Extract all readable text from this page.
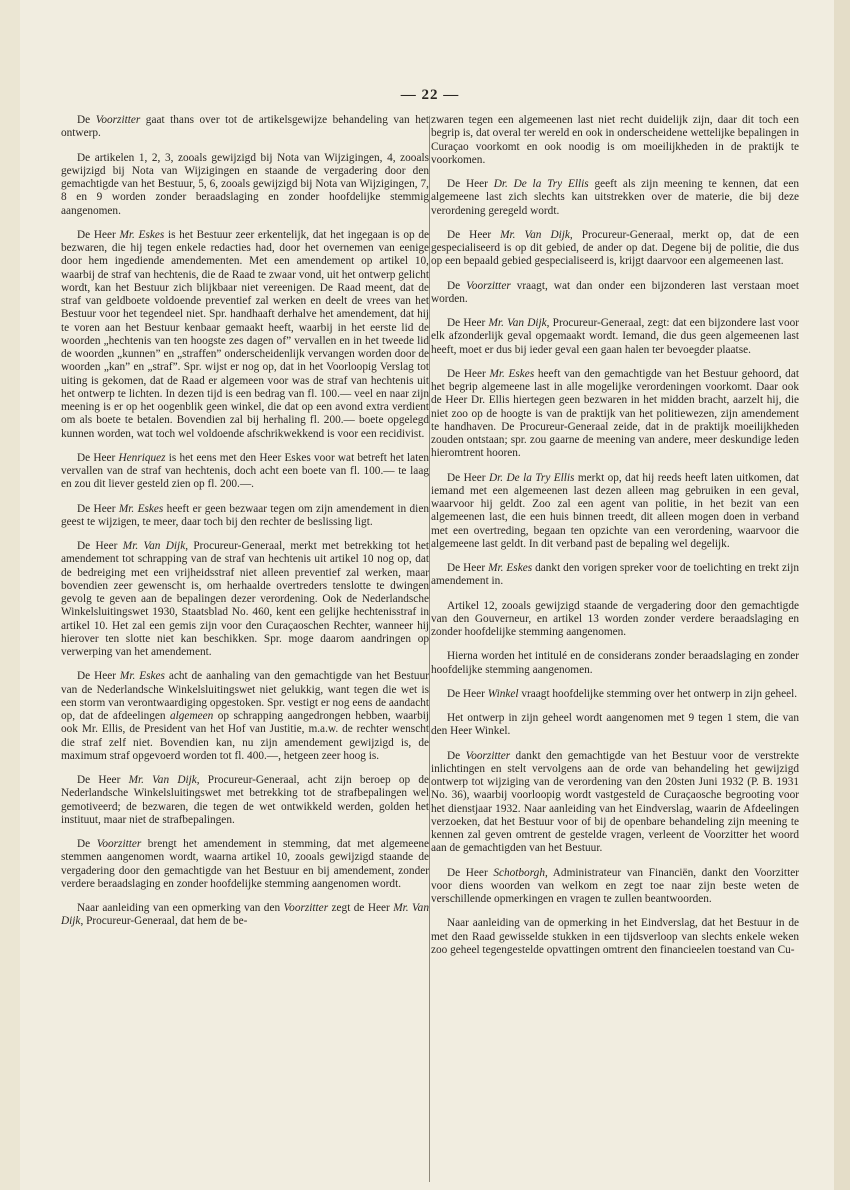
— 22 —

De Voorzitter gaat thans over tot de artikelsgewijze behandeling van het ontwerp.

De artikelen 1, 2, 3, zooals gewijzigd bij Nota van Wijzigingen, 4, zooals gewijzigd bij Nota van Wijzigingen en staande de vergadering door den gemachtigde van het Bestuur, 5, 6, zooals gewijzigd bij Nota van Wijzigingen, 7, 8 en 9 worden zonder beraadslaging en zonder hoofdelijke stemmig aangenomen.

De Heer Mr. Eskes is het Bestuur zeer erkentelijk, dat het ingegaan is op de bezwaren, die hij tegen enkele redacties had, door het overnemen van eenige door hem ingediende amendementen. Met een amendement op artikel 10, waarbij de straf van hechtenis, die de Raad te zwaar vond, uit het ontwerp gelicht wordt, kan het Bestuur zich blijkbaar niet vereenigen. De Raad meent, dat de straf van geldboete voldoende preventief zal werken en deelt de vrees van het Bestuur voor het tegendeel niet. Spr. handhaaft derhalve het amendement, dat hij te voren aan het Bestuur kenbaar gemaakt heeft, waarbij in het eerste lid de woorden „hechtenis van ten hoogste zes dagen of” vervallen en in het tweede lid de woorden „kunnen” en „straffen” onderscheidenlijk vervangen worden door de woorden „kan” en „straf”. Spr. wijst er nog op, dat in het Voorloopig Verslag tot uiting is gekomen, dat de Raad er algemeen voor was de straf van hechtenis uit het ontwerp te lichten. In dezen tijd is een bedrag van fl. 100.— veel en naar zijn meening is er op het oogenblik geen winkel, die dat op een avond extra verdient om als boete te betalen. Bovendien zal bij herhaling fl. 200.— boete opgelegd kunnen worden, wat toch wel voldoende afschrikwekkend is voor een recidivist.

De Heer Henriquez is het eens met den Heer Eskes voor wat betreft het laten vervallen van de straf van hechtenis, doch acht een boete van fl. 100.— te laag en zou dit liever gesteld zien op fl. 200.—.

De Heer Mr. Eskes heeft er geen bezwaar tegen om zijn amendement in dien geest te wijzigen, te meer, daar toch bij den rechter de beslissing ligt.

De Heer Mr. Van Dijk, Procureur-Generaal, merkt met betrekking tot het amendement tot schrapping van de straf van hechtenis uit artikel 10 nog op, dat de bedreiging met een vrijheidsstraf niet alleen preventief zal werken, maar bovendien zeer gewenscht is, om herhaalde overtreders tenslotte te dwingen gevolg te geven aan de bepalingen dezer verordening. Ook de Nederlandsche Winkelsluitingswet 1930, Staatsblad No. 460, kent een gelijke hechtenisstraf in artikel 10. Het zal een gemis zijn voor den Curaçaoschen Rechter, wanneer hij hierover ten slotte niet kan beschikken. Spr. moge daarom aandringen op verwerping van het amendement.

De Heer Mr. Eskes acht de aanhaling van den gemachtigde van het Bestuur van de Nederlandsche Winkelsluitingswet niet gelukkig, want tegen die wet is een storm van verontwaardiging opgestoken. Spr. vestigt er nog eens de aandacht op, dat de afdeelingen algemeen op schrapping aangedrongen hebben, waarbij ook Mr. Ellis, de President van het Hof van Justitie, m.a.w. de rechter wenscht die straf zelf niet. Bovendien kan, nu zijn amendement gewijzigd is, de maximum straf opgevoerd worden tot fl. 400.—, hetgeen zeer hoog is.

De Heer Mr. Van Dijk, Procureur-Generaal, acht zijn beroep op de Nederlandsche Winkelsluitingswet met betrekking tot de strafbepalingen wel gemotiveerd; de bezwaren, die tegen de wet ontwikkeld werden, golden het instituut, maar niet de strafbepalingen.

De Voorzitter brengt het amendement in stemming, dat met algemeene stemmen aangenomen wordt, waarna artikel 10, zooals gewijzigd staande de vergadering door den gemachtigde van het Bestuur en bij amendement, zonder verdere beraadslaging en zonder hoofdelijke stemming aangenomen wordt.

Naar aanleiding van een opmerking van den Voorzitter zegt de Heer Mr. Van Dijk, Procureur-Generaal, dat hem de be-

zwaren tegen een algemeenen last niet recht duidelijk zijn, daar dit toch een begrip is, dat overal ter wereld en ook in onderscheidene wettelijke bepalingen in Curaçao voorkomt en ook noodig is om moeilijkheden in de praktijk te voorkomen.

De Heer Dr. De la Try Ellis geeft als zijn meening te kennen, dat een algemeene last zich slechts kan uitstrekken over de materie, die bij deze verordening geregeld wordt.

De Heer Mr. Van Dijk, Procureur-Generaal, merkt op, dat de een gespecialiseerd is op dit gebied, de ander op dat. Degene bij de politie, die dus op een bepaald gebied gespecialiseerd is, krijgt daarvoor een algemeenen last.

De Voorzitter vraagt, wat dan onder een bijzonderen last verstaan moet worden.

De Heer Mr. Van Dijk, Procureur-Generaal, zegt: dat een bijzondere last voor elk afzonderlijk geval opgemaakt wordt. Iemand, die dus geen algemeenen last heeft, moet er dus bij ieder geval een gaan halen ter bevoegder plaatse.

De Heer Mr. Eskes heeft van den gemachtigde van het Bestuur gehoord, dat het begrip algemeene last in alle mogelijke verordeningen voorkomt. Daar ook de Heer Dr. Ellis hiertegen geen bezwaren in het midden bracht, aarzelt hij, die niet zoo op de hoogte is van de praktijk van het politiewezen, zijn amendement te handhaven. De Procureur-Generaal zeide, dat in de praktijk moeilijkheden zouden ontstaan; spr. zou gaarne de meening van andere, meer deskundige leden hieromtrent hooren.

De Heer Dr. De la Try Ellis merkt op, dat hij reeds heeft laten uitkomen, dat iemand met een algemeenen last dezen alleen mag gebruiken in een geval, waarvoor hij geldt. Zoo zal een agent van politie, in het bezit van een algemeenen last, die een huis binnen treedt, dit alleen mogen doen in verband met een overtreding, begaan ten opzichte van een verordening, waarvoor die algemeene last geldt. In dit verband past de bepaling wel degelijk.

De Heer Mr. Eskes dankt den vorigen spreker voor de toelichting en trekt zijn amendement in.

Artikel 12, zooals gewijzigd staande de vergadering door den gemachtigde van den Gouverneur, en artikel 13 worden zonder verdere beraadslaging en zonder hoofdelijke stemming aangenomen.

Hierna worden het intitulé en de considerans zonder beraadslaging en zonder hoofdelijke stemming aangenomen.

De Heer Winkel vraagt hoofdelijke stemming over het ontwerp in zijn geheel.

Het ontwerp in zijn geheel wordt aangenomen met 9 tegen 1 stem, die van den Heer Winkel.

De Voorzitter dankt den gemachtigde van het Bestuur voor de verstrekte inlichtingen en stelt vervolgens aan de orde van behandeling het gewijzigd ontwerp tot wijziging van de verordening van den 20sten Juni 1932 (P. B. 1931 No. 36), waarbij voorloopig wordt vastgesteld de Curaçaosche begrooting voor het dienstjaar 1932. Naar aanleiding van het Eindverslag, waarin de Afdeelingen verzoeken, dat het Bestuur voor of bij de openbare behandeling zijn meening te kennen zal geven omtrent de gestelde vragen, verleent de Voorzitter het woord aan de gemachtigden van het Bestuur.

De Heer Schotborgh, Administrateur van Financiën, dankt den Voorzitter voor diens woorden van welkom en zegt toe naar zijn beste weten de verschillende opmerkingen en vragen te zullen beantwoorden.

Naar aanleiding van de opmerking in het Eindverslag, dat het Bestuur in de met den Raad gewisselde stukken in een tijdsverloop van slechts enkele weken zoo geheel tegengestelde opvattingen omtrent den financieelen toestand van Cu-
